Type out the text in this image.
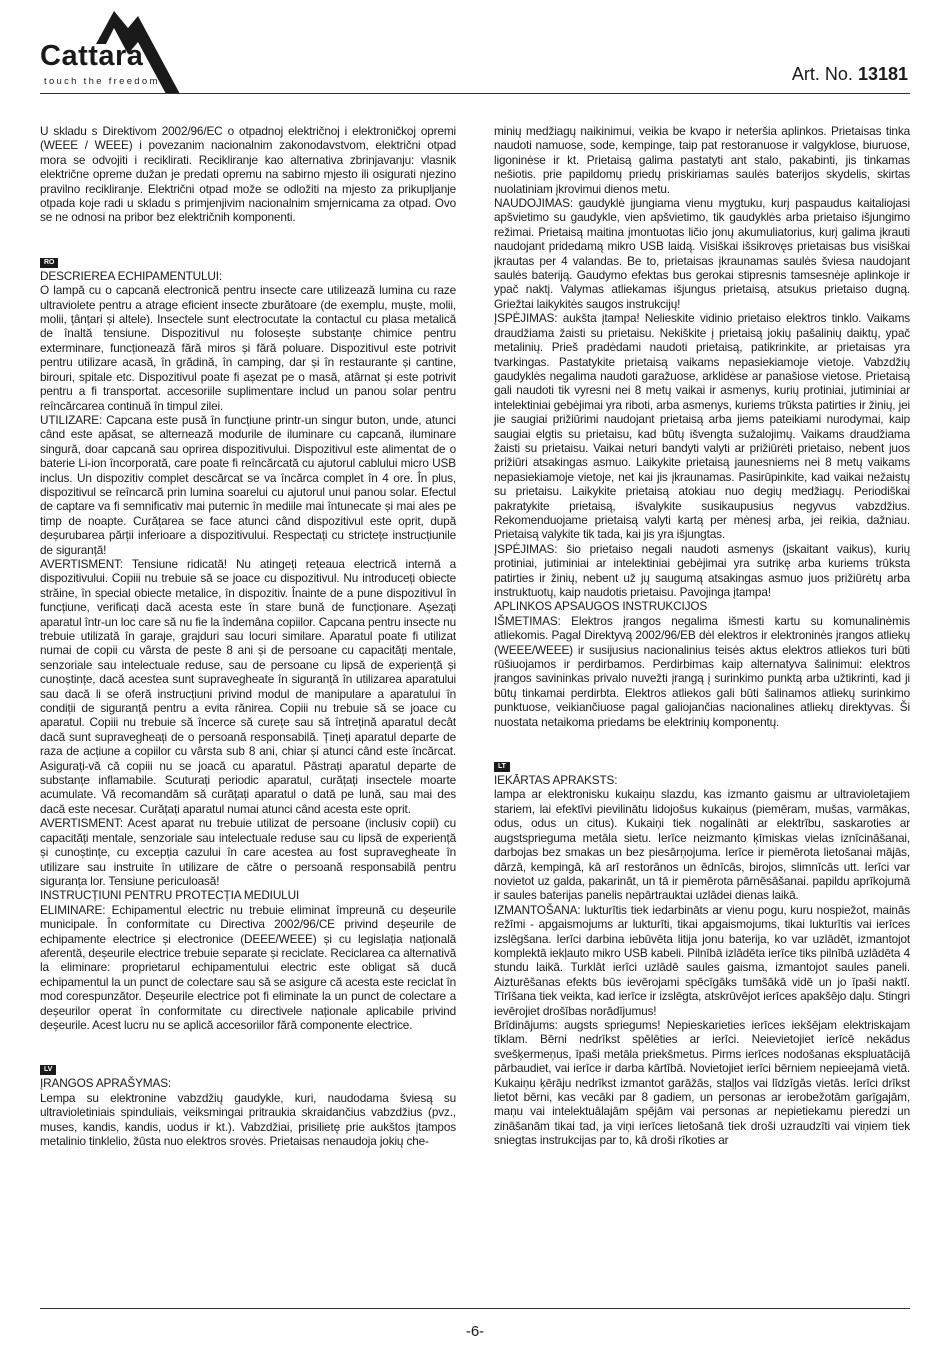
Cattara
touch the freedom	Art. No. 13181

U skladu s Direktivom 2002/96/EC o otpadnoj električnoj i elektroničkoj opremi (WEEE / WEEE) i povezanim nacionalnim zakonodavstvom, električni otpad mora se odvojiti i reciklirati. Recikliranje kao alternativa zbrinjavanju: vlasnik električne opreme dužan je predati opremu na sabirno mjesto ili osigurati njezino pravilno recikliranje. Električni otpad može se odložiti na mjesto za prikupljanje otpada koje radi u skladu s primjenjivim nacionalnim smjernicama za otpad. Ovo se ne odnosi na pribor bez električnih komponenti.

RO

DESCRIEREA ECHIPAMENTULUI:

O lampă cu o capcană electronică pentru insecte care utilizează lumina cu raze ultraviolete pentru a atrage eficient insecte zburătoare (de exemplu, muște, molii, molii, țânțari și altele). Insectele sunt electrocutate la contactul cu plasa metalică de înaltă tensiune. Dispozitivul nu folosește substanțe chimice pentru exterminare, funcționează fără miros și fără poluare. Dispozitivul este potrivit pentru utilizare acasă, în grădină, în camping, dar și în restaurante și cantine, birouri, spitale etc. Dispozitivul poate fi așezat pe o masă, atârnat și este potrivit pentru a fi transportat. accesoriile suplimentare includ un panou solar pentru reîncărcarea continuă în timpul zilei.

UTILIZARE: Capcana este pusă în funcțiune printr-un singur buton, unde, atunci când este apăsat, se alternează modurile de iluminare cu capcană, iluminare singură, doar capcană sau oprirea dispozitivului. Dispozitivul este alimentat de o baterie Li-ion încorporată, care poate fi reîncărcată cu ajutorul cablului micro USB inclus. Un dispozitiv complet descărcat se va încărca complet în 4 ore. În plus, dispozitivul se reîncarcă prin lumina soarelui cu ajutorul unui panou solar. Efectul de captare va fi semnificativ mai puternic în mediile mai întunecate și mai ales pe timp de noapte. Curățarea se face atunci când dispozitivul este oprit, după deșurubarea părții inferioare a dispozitivului. Respectați cu strictețe instrucțiunile de siguranță!

AVERTISMENT: Tensiune ridicată! Nu atingeți rețeaua electrică internă a dispozitivului. Copiii nu trebuie să se joace cu dispozitivul. Nu introduceți obiecte străine, în special obiecte metalice, în dispozitiv. Înainte de a pune dispozitivul în funcțiune, verificați dacă acesta este în stare bună de funcționare. Așezați aparatul într-un loc care să nu fie la îndemâna copiilor. Capcana pentru insecte nu trebuie utilizată în garaje, grajduri sau locuri similare. Aparatul poate fi utilizat numai de copii cu vârsta de peste 8 ani și de persoane cu capacități mentale, senzoriale sau intelectuale reduse, sau de persoane cu lipsă de experiență și cunoștințe, dacă acestea sunt supravegheate în siguranță în utilizarea aparatului sau dacă li se oferă instrucțiuni privind modul de manipulare a aparatului în condiții de siguranță pentru a evita rănirea. Copiii nu trebuie să se joace cu aparatul. Copiii nu trebuie să încerce să curețe sau să întrețină aparatul decât dacă sunt supravegheați de o persoană responsabilă. Țineți aparatul departe de raza de acțiune a copiilor cu vârsta sub 8 ani, chiar și atunci când este încărcat. Asigurați-vă că copiii nu se joacă cu aparatul. Păstrați aparatul departe de substanțe inflamabile. Scuturați periodic aparatul, curățați insectele moarte acumulate. Vă recomandăm să curățați aparatul o dată pe lună, sau mai des dacă este necesar. Curățați aparatul numai atunci când acesta este oprit.

AVERTISMENT: Acest aparat nu trebuie utilizat de persoane (inclusiv copii) cu capacități mentale, senzoriale sau intelectuale reduse sau cu lipsă de experiență și cunoștințe, cu excepția cazului în care acestea au fost supravegheate în utilizare sau instruite în utilizare de către o persoană responsabilă pentru siguranța lor. Tensiune periculoasă!

INSTRUCȚIUNI PENTRU PROTECȚIA MEDIULUI

ELIMINARE: Echipamentul electric nu trebuie eliminat împreună cu deșeurile municipale. În conformitate cu Directiva 2002/96/CE privind deșeurile de echipamente electrice și electronice (DEEE/WEEE) și cu legislația națională aferentă, deșeurile electrice trebuie separate și reciclate. Reciclarea ca alternativă la eliminare: proprietarul echipamentului electric este obligat să ducă echipamentul la un punct de colectare sau să se asigure că acesta este reciclat în mod corespunzător. Deșeurile electrice pot fi eliminate la un punct de colectare a deșeurilor operat în conformitate cu directivele naționale aplicabile privind deșeurile. Acest lucru nu se aplică accesoriilor fără componente electrice.

LV

ĮRANGOS APRAŠYMAS:

Lempa su elektronine vabzdžių gaudykle, kuri, naudodama šviesą su ultravioletiniais spinduliais, veiksmingai pritraukia skraidančius vabzdžius (pvz., muses, kandis, kandis, uodus ir kt.). Vabzdžiai, prisilietę prie aukštos įtampos metalinio tinklelio, žūsta nuo elektros srovės. Prietaisas nenaudoja jokių che-

minių medžiagų naikinimui, veikia be kvapo ir neteršia aplinkos. Prietaisas tinka naudoti namuose, sode, kempinge, taip pat restoranuose ir valgyklose, biuruose, ligoninėse ir kt. Prietaisą galima pastatyti ant stalo, pakabinti, jis tinkamas nešiotis. prie papildomų priedų priskiriamas saulės baterijos skydelis, skirtas nuolatiniam įkrovimui dienos metu.

NAUDOJIMAS: gaudyklė įjungiama vienu mygtuku, kurį paspaudus kaitaliojasi apšvietimo su gaudykle, vien apšvietimo, tik gaudyklės arba prietaiso išjungimo režimai. Prietaisą maitina įmontuotas ličio jonų akumuliatorius, kurį galima įkrauti naudojant pridedamą mikro USB laidą. Visiškai išsikrovęs prietaisas bus visiškai įkrautas per 4 valandas. Be to, prietaisas įkraunamas saulės šviesa naudojant saulės bateriją. Gaudymo efektas bus gerokai stipresnis tamsesnėje aplinkoje ir ypač naktį. Valymas atliekamas išjungus prietaisą, atsukus prietaiso dugną. Griežtai laikykitės saugos instrukcijų!

ĮSPĖJIMAS: aukšta įtampa! Nelieskite vidinio prietaiso elektros tinklo. Vaikams draudžiama žaisti su prietaisu. Nekiškite į prietaisą jokių pašalinių daiktų, ypač metalinių. Prieš pradėdami naudoti prietaisą, patikrinkite, ar prietaisas yra tvarkingas. Pastatykite prietaisą vaikams nepasiekiamoje vietoje. Vabzdžių gaudyklės negalima naudoti garažuose, arklidėse ar panašiose vietose. Prietaisą gali naudoti tik vyresni nei 8 metų vaikai ir asmenys, kurių protiniai, jutiminiai ar intelektiniai gebėjimai yra riboti, arba asmenys, kuriems trūksta patirties ir žinių, jei jie saugiai prižiūrimi naudojant prietaisą arba jiems pateikiami nurodymai, kaip saugiai elgtis su prietaisu, kad būtų išvengta sužalojimų. Vaikams draudžiama žaisti su prietaisu. Vaikai neturi bandyti valyti ar prižiūrėti prietaiso, nebent juos prižiūri atsakingas asmuo. Laikykite prietaisą jaunesniems nei 8 metų vaikams nepasiekiamoje vietoje, net kai jis įkraunamas. Pasirūpinkite, kad vaikai nežaistų su prietaisu. Laikykite prietaisą atokiau nuo degių medžiagų. Periodiškai pakratykite prietaisą, išvalykite susikaupusius negyvus vabzdžius. Rekomenduojame prietaisą valyti kartą per mėnesį arba, jei reikia, dažniau. Prietaisą valykite tik tada, kai jis yra išjungtas.

ĮSPĖJIMAS: šio prietaiso negali naudoti asmenys (įskaitant vaikus), kurių protiniai, jutiminiai ar intelektiniai gebėjimai yra sutrikę arba kuriems trūksta patirties ir žinių, nebent už jų saugumą atsakingas asmuo juos prižiūrėtų arba instruktuotų, kaip naudotis prietaisu. Pavojinga įtampa!

APLINKOS APSAUGOS INSTRUKCIJOS

IŠMETIMAS: Elektros įrangos negalima išmesti kartu su komunalinėmis atliekomis. Pagal Direktyvą 2002/96/EB dėl elektros ir elektroninės įrangos atliekų (WEEE/WEEE) ir susijusius nacionalinius teisės aktus elektros atliekos turi būti rūšiuojamos ir perdirbamos. Perdirbimas kaip alternatyva šalinimui: elektros įrangos savininkas privalo nuvežti įrangą į surinkimo punktą arba užtikrinti, kad ji būtų tinkamai perdirbta. Elektros atliekos gali būti šalinamos atliekų surinkimo punktuose, veikiančiuose pagal galiojančias nacionalines atliekų direktyvas. Ši nuostata netaikoma priedams be elektrinių komponentų.

LT

IEKĀRTAS APRAKSTS:

lampa ar elektronisku kukaiņu slazdu, kas izmanto gaismu ar ultravioletajiem stariem, lai efektīvi pievilinātu lidojošus kukaiņus (piemēram, mušas, varmākas, odus, odus un citus). Kukaiņi tiek nogalināti ar elektrību, saskaroties ar augstsprieguma metāla sietu. Ierīce neizmanto ķīmiskas vielas iznīcināšanai, darbojas bez smakas un bez piesārņojuma. Ierīce ir piemērota lietošanai mājās, dārzā, kempingā, kā arī restorānos un ēdnīcās, birojos, slimnīcās utt. Ierīci var novietot uz galda, pakarināt, un tā ir piemērota pārnēsāšanai. papildu aprīkojumā ir saules baterijas panelis nepārtrauktai uzlādei dienas laikā.

IZMANTOŠANA: lukturītis tiek iedarbināts ar vienu pogu, kuru nospiežot, mainās režīmi - apgaismojums ar lukturīti, tikai apgaismojums, tikai lukturītis vai ierīces izslēgšana. Ierīci darbina iebūvēta litija jonu baterija, ko var uzlādēt, izmantojot komplektā iekļauto mikro USB kabeli. Pilnībā izlādēta ierīce tiks pilnībā uzlādēta 4 stundu laikā. Turklāt ierīci uzlādē saules gaisma, izmantojot saules paneli. Aizturēšanas efekts būs ievērojami spēcīgāks tumšākā vidē un jo īpaši naktī. Tīrīšana tiek veikta, kad ierīce ir izslēgta, atskrūvējot ierīces apakšējo daļu. Stingri ievērojiet drošības norādījumus!

Brīdinājums: augsts spriegums! Nepieskarieties ierīces iekšējam elektriskajam tīklam. Bērni nedrīkst spēlēties ar ierīci. Neievietojiet ierīcē nekādus svešķermeņus, īpaši metāla priekšmetus. Pirms ierīces nodošanas ekspluatācijā pārbaudiet, vai ierīce ir darba kārtībā. Novietojiet ierīci bērniem nepieejamā vietā. Kukaiņu ķērāju nedrīkst izmantot garāžās, staļļos vai līdzīgās vietās. Ierīci drīkst lietot bērni, kas vecāki par 8 gadiem, un personas ar ierobežotām garīgajām, maņu vai intelektuālajām spējām vai personas ar nepietiekamu pieredzi un zināšanām tikai tad, ja viņi ierīces lietošanā tiek droši uzraudzīti vai viņiem tiek sniegtas instrukcijas par to, kā droši rīkoties ar

-6-
